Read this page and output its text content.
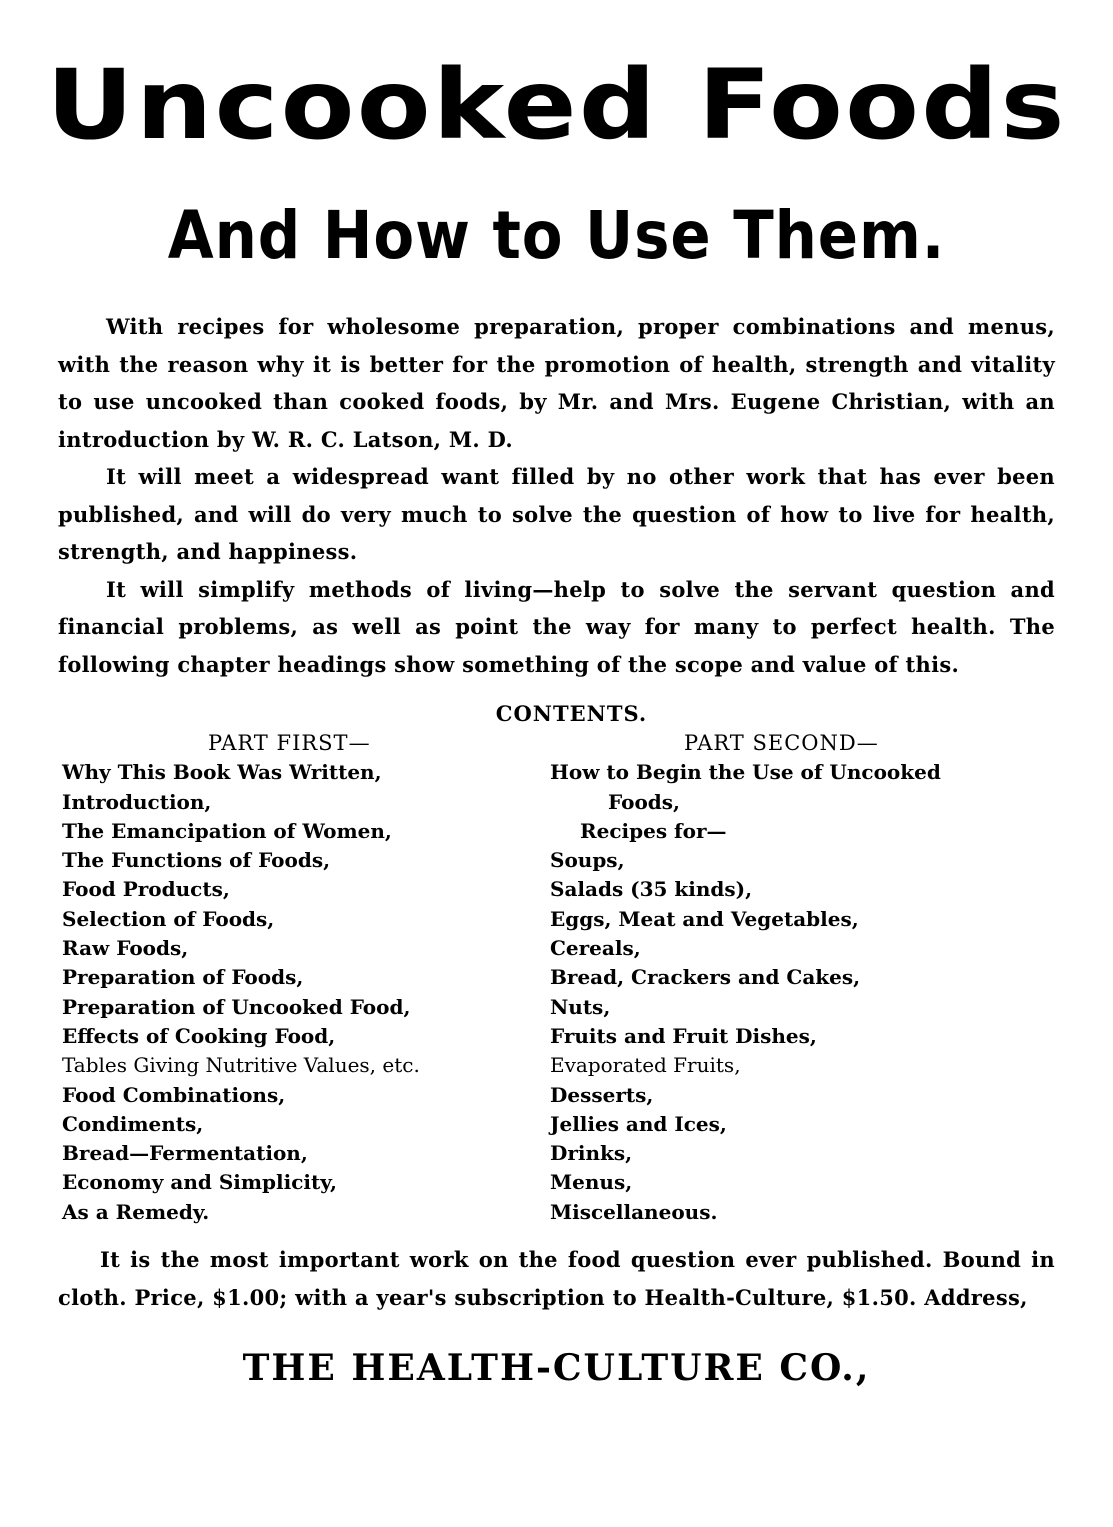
Uncooked Foods
And How to Use Them.

With recipes for wholesome preparation, proper combinations and menus, with the reason why it is better for the promotion of health, strength and vitality to use uncooked than cooked foods, by Mr. and Mrs. Eugene Christian, with an introduction by W. R. C. Latson, M. D.

It will meet a widespread want filled by no other work that has ever been published, and will do very much to solve the question of how to live for health, strength, and happiness.

It will simplify methods of living—help to solve the servant question and financial problems, as well as point the way for many to perfect health. The following chapter headings show something of the scope and value of this.

CONTENTS.
PART FIRST—
Why This Book Was Written,
Introduction,
The Emancipation of Women,
The Functions of Foods,
Food Products,
Selection of Foods,
Raw Foods,
Preparation of Foods,
Preparation of Uncooked Food,
Effects of Cooking Food,
Tables Giving Nutritive Values, etc.
Food Combinations,
Condiments,
Bread—Fermentation,
Economy and Simplicity,
As a Remedy.
PART SECOND—
How to Begin the Use of Uncooked
Foods,
Recipes for—
Soups,
Salads (35 kinds),
Eggs, Meat and Vegetables,
Cereals,
Bread, Crackers and Cakes,
Nuts,
Fruits and Fruit Dishes,
Evaporated Fruits,
Desserts,
Jellies and Ices,
Drinks,
Menus,
Miscellaneous.

It is the most important work on the food question ever published. Bound in cloth. Price, $1.00; with a year's subscription to Health-Culture, $1.50. Address,

THE HEALTH-CULTURE CO.,
